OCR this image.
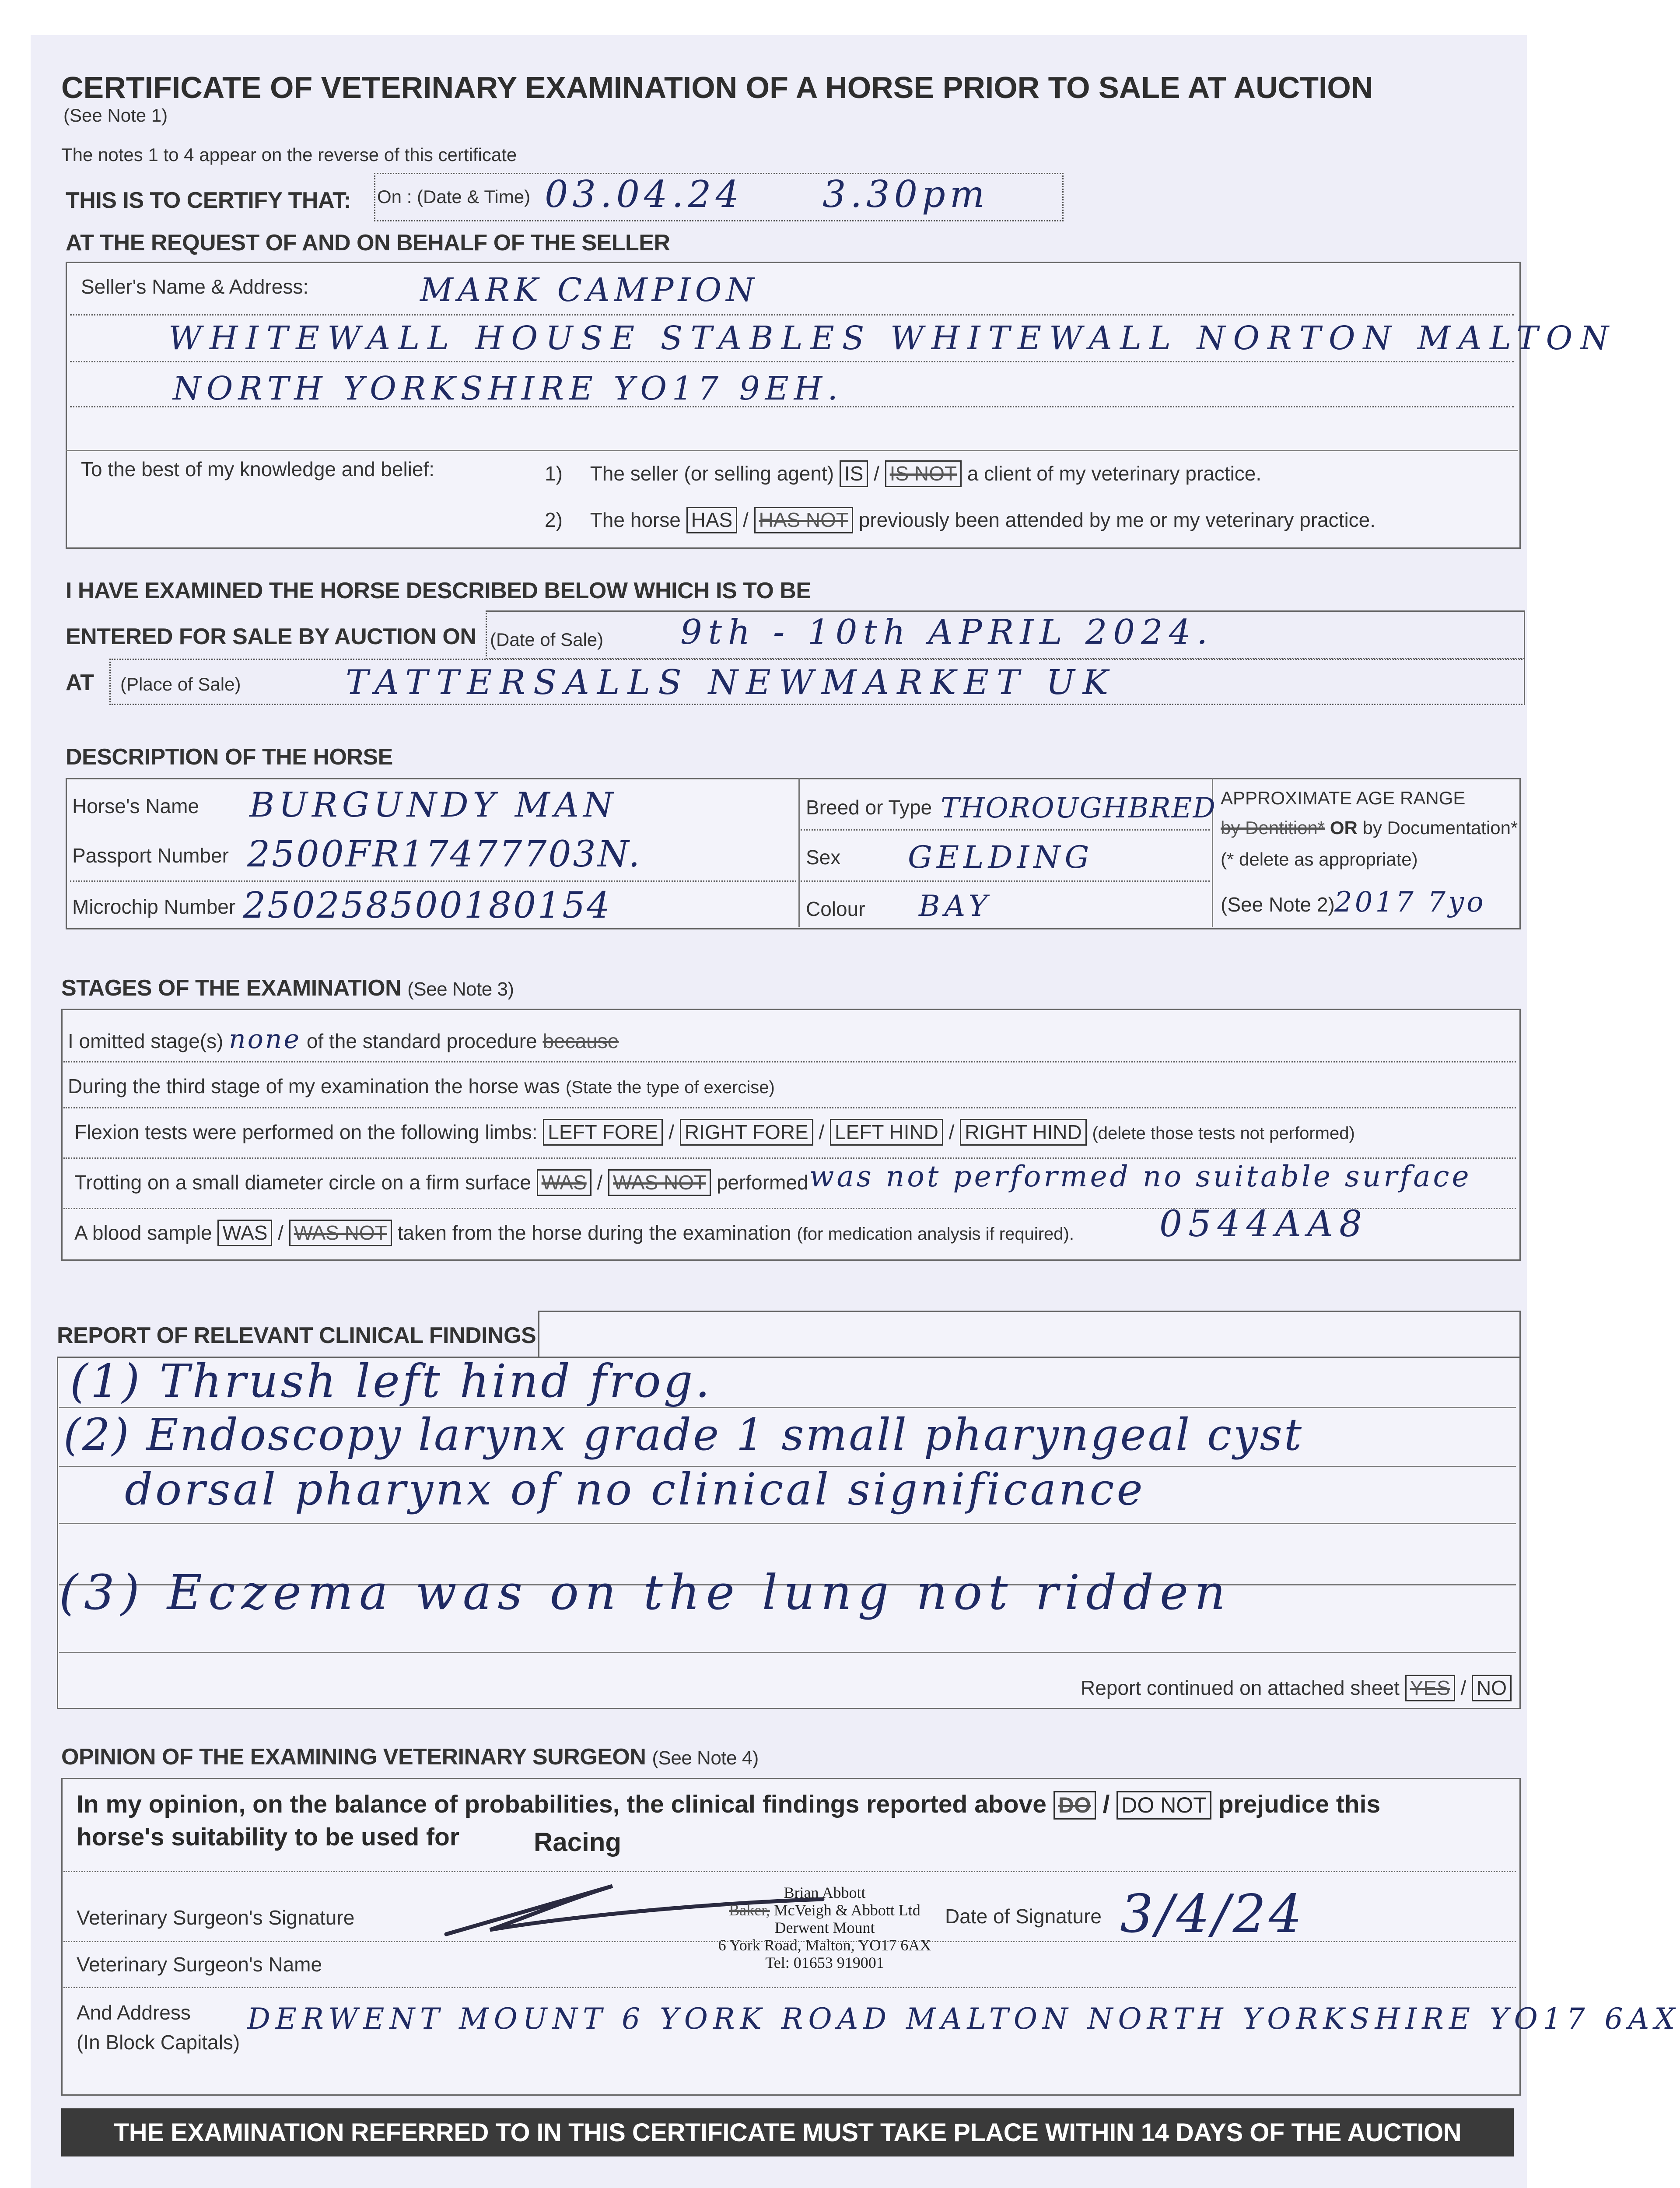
CERTIFICATE OF VETERINARY EXAMINATION OF A HORSE PRIOR TO SALE AT AUCTION
(See Note 1)
The notes 1 to 4 appear on the reverse of this certificate
THIS IS TO CERTIFY THAT: On : (Date & Time) 03.04.24 3.30pm
AT THE REQUEST OF AND ON BEHALF OF THE SELLER
Seller's Name & Address:	MARK CAMPION
WHITEWALL HOUSE STABLES WHITEWALL NORTON MALTON
NORTH YORKSHIRE YO17 9EH.
To the best of my knowledge and belief:	1) The seller (or selling agent) IS / IS NOT a client of my veterinary practice.
2) The horse HAS / HAS NOT previously been attended by me or my veterinary practice.
I HAVE EXAMINED THE HORSE DESCRIBED BELOW WHICH IS TO BE
ENTERED FOR SALE BY AUCTION ON (Date of Sale) 9th - 10th APRIL 2024.
AT (Place of Sale)	TATTERSALLS NEWMARKET UK
DESCRIPTION OF THE HORSE
Horse's Name BURGUNDY MAN
Passport Number 2500FR17477703N.
Microchip Number 250258500180154
Breed or Type THOROUGHBRED
Sex GELDING
Colour BAY
APPROXIMATE AGE RANGE
by Dentition* OR by Documentation*
(* delete as appropriate)
(See Note 2) 2017 7yo
STAGES OF THE EXAMINATION (See Note 3)
I omitted stage(s) none of the standard procedure because
During the third stage of my examination the horse was (State the type of exercise)
Flexion tests were performed on the following limbs: LEFT FORE / RIGHT FORE / LEFT HIND / RIGHT HIND (delete those tests not performed)
Trotting on a small diameter circle on a firm surface WAS / WAS NOT performed was not performed no suitable surface
A blood sample WAS / WAS NOT taken from the horse during the examination (for medication analysis if required). 0544AA8
REPORT OF RELEVANT CLINICAL FINDINGS
(1) Thrush left hind frog.
(2) Endoscopy larynx grade 1 small pharyngeal cyst
dorsal pharynx of no clinical significance
(3) Eczema was on the lung not ridden
Report continued on attached sheet YES / NO
OPINION OF THE EXAMINING VETERINARY SURGEON (See Note 4)
In my opinion, on the balance of probabilities, the clinical findings reported above DO / DO NOT prejudice this
horse's suitability to be used for	Racing
Veterinary Surgeon's Signature
Brian Abbott
Baker, McVeigh & Abbott Ltd
Derwent Mount
6 York Road, Malton, YO17 6AX
Tel: 01653 919001
Date of Signature 3/4/24
Veterinary Surgeon's Name
And Address
(In Block Capitals)
DERWENT MOUNT 6 YORK ROAD MALTON NORTH YORKSHIRE YO17 6AX
THE EXAMINATION REFERRED TO IN THIS CERTIFICATE MUST TAKE PLACE WITHIN 14 DAYS OF THE AUCTION
